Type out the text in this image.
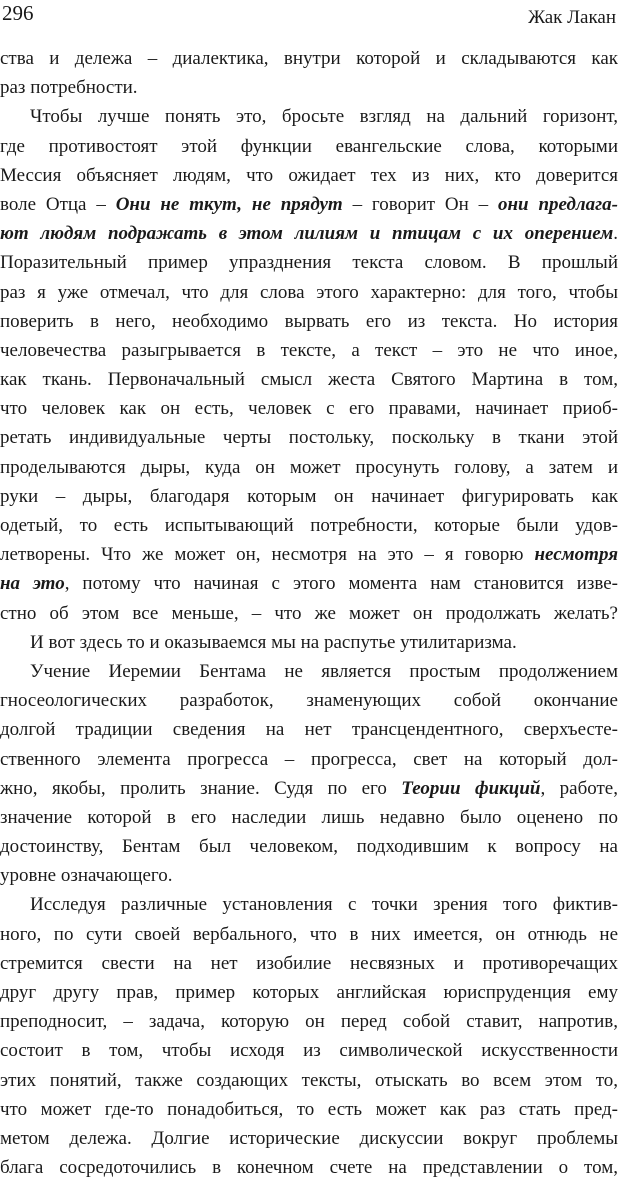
296	Жак Лакан
ства и дележа – диалектика, внутри которой и складываются как
раз потребности.
Чтобы лучше понять это, бросьте взгляд на дальний горизонт,
где противостоят этой функции евангельские слова, которыми
Мессия объясняет людям, что ожидает тех из них, кто доверится
воле Отца – Они не ткут, не прядут – говорит Он – они предлага-
ют людям подражать в этом лилиям и птицам с их оперением.
Поразительный пример упразднения текста словом. В прошлый
раз я уже отмечал, что для слова этого характерно: для того, чтобы
поверить в него, необходимо вырвать его из текста. Но история
человечества разыгрывается в тексте, а текст – это не что иное,
как ткань. Первоначальный смысл жеста Святого Мартина в том,
что человек как он есть, человек с его правами, начинает приоб-
ретать индивидуальные черты постольку, поскольку в ткани этой
проделываются дыры, куда он может просунуть голову, а затем и
руки – дыры, благодаря которым он начинает фигурировать как
одетый, то есть испытывающий потребности, которые были удов-
летворены. Что же может он, несмотря на это – я говорю несмотря
на это, потому что начиная с этого момента нам становится изве-
стно об этом все меньше, – что же может он продолжать желать?
И вот здесь то и оказываемся мы на распутье утилитаризма.
Учение Иеремии Бентама не является простым продолжением
гносеологических разработок, знаменующих собой окончание
долгой традиции сведения на нет трансцендентного, сверхъесте-
ственного элемента прогресса – прогресса, свет на который дол-
жно, якобы, пролить знание. Судя по его Теории фикций, работе,
значение которой в его наследии лишь недавно было оценено по
достоинству, Бентам был человеком, подходившим к вопросу на
уровне означающего.
Исследуя различные установления с точки зрения того фиктив-
ного, по сути своей вербального, что в них имеется, он отнюдь не
стремится свести на нет изобилие несвязных и противоречащих
друг другу прав, пример которых английская юриспруденция ему
преподносит, – задача, которую он перед собой ставит, напротив,
состоит в том, чтобы исходя из символической искусственности
этих понятий, также создающих тексты, отыскать во всем этом то,
что может где-то понадобиться, то есть может как раз стать пред-
метом дележа. Долгие исторические дискуссии вокруг проблемы
блага сосредоточились в конечном счете на представлении о том,
